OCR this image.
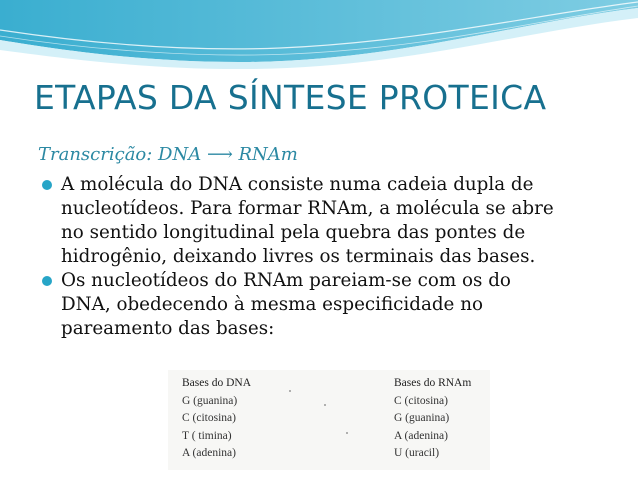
ETAPAS DA SÍNTESE PROTEICA
Transcrição: DNA ⟶ RNAm
A molécula do DNA consiste numa cadeia dupla de
nucleotídeos. Para formar RNAm, a molécula se abre
no sentido longitudinal pela quebra das pontes de
hidrogênio, deixando livres os terminais das bases.
Os nucleotídeos do RNAm pareiam-se com os do
DNA, obedecendo à mesma especificidade no
pareamento das bases:
Bases do DNA
G (guanina)
C (citosina)
T ( timina)
A (adenina)
Bases do RNAm
C (citosina)
G (guanina)
A (adenina)
U (uracil)
